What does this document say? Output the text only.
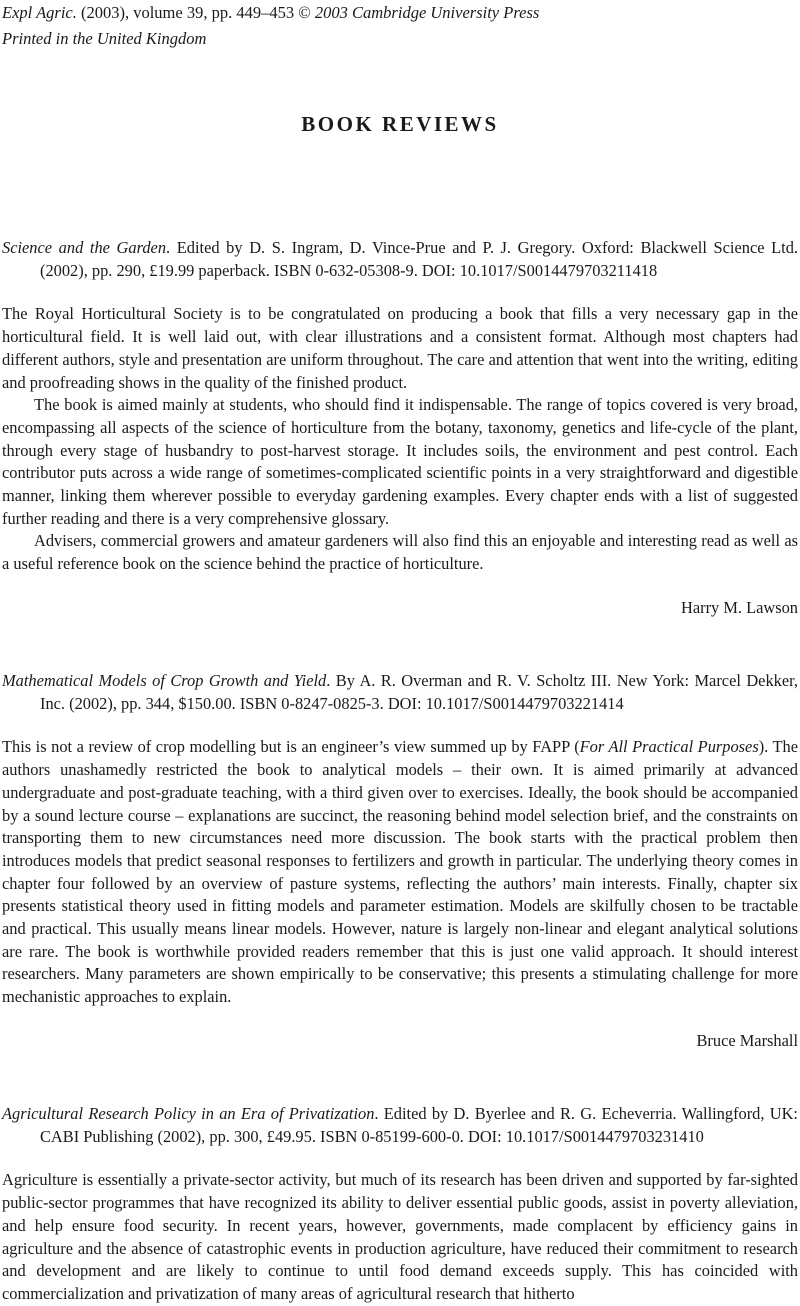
Expl Agric. (2003), volume 39, pp. 449–453 © 2003 Cambridge University Press
Printed in the United Kingdom
BOOK REVIEWS
Science and the Garden. Edited by D. S. Ingram, D. Vince-Prue and P. J. Gregory. Oxford: Blackwell Science Ltd. (2002), pp. 290, £19.99 paperback. ISBN 0-632-05308-9. DOI: 10.1017/S0014479703211418

The Royal Horticultural Society is to be congratulated on producing a book that fills a very necessary gap in the horticultural field. It is well laid out, with clear illustrations and a consistent format. Although most chapters had different authors, style and presentation are uniform throughout. The care and attention that went into the writing, editing and proofreading shows in the quality of the finished product.

The book is aimed mainly at students, who should find it indispensable. The range of topics covered is very broad, encompassing all aspects of the science of horticulture from the botany, taxonomy, genetics and life-cycle of the plant, through every stage of husbandry to post-harvest storage. It includes soils, the environment and pest control. Each contributor puts across a wide range of sometimes-complicated scientific points in a very straightforward and digestible manner, linking them wherever possible to everyday gardening examples. Every chapter ends with a list of suggested further reading and there is a very comprehensive glossary.

Advisers, commercial growers and amateur gardeners will also find this an enjoyable and interesting read as well as a useful reference book on the science behind the practice of horticulture.

Harry M. Lawson
Mathematical Models of Crop Growth and Yield. By A. R. Overman and R. V. Scholtz III. New York: Marcel Dekker, Inc. (2002), pp. 344, $150.00. ISBN 0-8247-0825-3. DOI: 10.1017/S0014479703221414

This is not a review of crop modelling but is an engineer’s view summed up by FAPP (For All Practical Purposes). The authors unashamedly restricted the book to analytical models – their own. It is aimed primarily at advanced undergraduate and post-graduate teaching, with a third given over to exercises. Ideally, the book should be accompanied by a sound lecture course – explanations are succinct, the reasoning behind model selection brief, and the constraints on transporting them to new circumstances need more discussion. The book starts with the practical problem then introduces models that predict seasonal responses to fertilizers and growth in particular. The underlying theory comes in chapter four followed by an overview of pasture systems, reflecting the authors’ main interests. Finally, chapter six presents statistical theory used in fitting models and parameter estimation. Models are skilfully chosen to be tractable and practical. This usually means linear models. However, nature is largely non-linear and elegant analytical solutions are rare. The book is worthwhile provided readers remember that this is just one valid approach. It should interest researchers. Many parameters are shown empirically to be conservative; this presents a stimulating challenge for more mechanistic approaches to explain.

Bruce Marshall
Agricultural Research Policy in an Era of Privatization. Edited by D. Byerlee and R. G. Echeverria. Wallingford, UK: CABI Publishing (2002), pp. 300, £49.95. ISBN 0-85199-600-0. DOI: 10.1017/S0014479703231410

Agriculture is essentially a private-sector activity, but much of its research has been driven and supported by far-sighted public-sector programmes that have recognized its ability to deliver essential public goods, assist in poverty alleviation, and help ensure food security. In recent years, however, governments, made complacent by efficiency gains in agriculture and the absence of catastrophic events in production agriculture, have reduced their commitment to research and development and are likely to continue to until food demand exceeds supply. This has coincided with commercialization and privatization of many areas of agricultural research that hitherto
